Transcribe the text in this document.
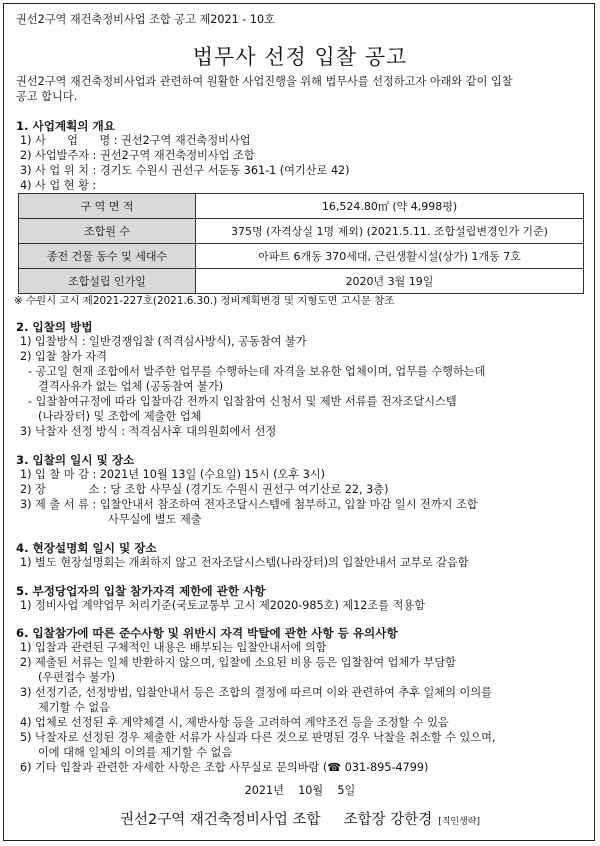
권선2구역 재건축정비사업 조합 공고 제2021 - 10호
법무사 선정 입찰 공고
권선2구역 재건축정비사업과 관련하여 원활한 사업진행을 위해 법무사를 선정하고자 아래와 같이 입찰
공고 합니다.
1. 사업계획의 개요
1) 사      업      명 : 권선2구역 재건축정비사업
2) 사업발주자 : 권선2구역 재건축정비사업 조합
3) 사 업 위 치 : 경기도 수원시 권선구 서둔동 361-1 (여기산로 42)
4) 사 업 현 황 :
구 역 면 적	16,524.80㎡ (약 4,998평)
조합원 수	375명 (자격상실 1명 제외) (2021.5.11. 조합설립변경인가 기준)
종전 건물 동수 및 세대수	아파트 6개동 370세대, 근린생활시설(상가) 1개동 7호
조합설립 인가일	2020년 3월 19일
※ 수원시 고시 제2021-227호(2021.6.30.) 정비계획변경 및 지형도면 고시문 참조
2. 입찰의 방법
1) 입찰방식 : 일반경쟁입찰 (적격심사방식), 공동참여 불가
2) 입찰 참가 자격
- 공고일 현재 조합에서 발주한 업무를 수행하는데 자격을 보유한 업체이며, 업무를 수행하는데
결격사유가 없는 업체 (공동참여 불가)
- 입찰참여규정에 따라 입찰마감 전까지 입찰참여 신청서 및 제반 서류를 전자조달시스템
(나라장터) 및 조합에 제출한 업체
3) 낙찰자 선정 방식 : 적격심사후 대의원회에서 선정
3. 입찰의 일시 및 장소
1) 입 찰 마 감 : 2021년 10월 13일 (수요일) 15시 (오후 3시)
2) 장            소 : 당 조합 사무실 (경기도 수원시 권선구 여기산로 22, 3층)
3) 제 출 서 류 : 입찰안내서 참조하여 전자조달시스템에 첨부하고, 입찰 마감 일시 전까지 조합
사무실에 별도 제출
4. 현장설명회 일시 및 장소
1) 별도 현장설명회는 개최하지 않고 전자조달시스템(나라장터)의 입찰안내서 교부로 갈음함
5. 부정당업자의 입찰 참가자격 제한에 관한 사항
1) 정비사업 계약업무 처리기준(국토교통부 고시 제2020-985호) 제12조를 적용함
6. 입찰참가에 따른 준수사항 및 위반시 자격 박탈에 관한 사항 등 유의사항
1) 입찰과 관련된 구체적인 내용은 배부되는 입찰안내서에 의함
2) 제출된 서류는 일체 반환하지 않으며, 입찰에 소요된 비용 등은 입찰참여 업체가 부담함
(우편접수 불가)
3) 선정기준, 선정방법, 입찰안내서 등은 조합의 결정에 따르며 이와 관련하여 추후 일체의 이의를
제기할 수 없음
4) 업체로 선정된 후 계약체결 시, 제반사항 등을 고려하여 계약조건 등을 조정할 수 있음
5) 낙찰자로 선정된 경우 제출한 서류가 사실과 다른 것으로 판명된 경우 낙찰을 취소할 수 있으며,
이에 대해 일체의 이의를 제기할 수 없음
6) 기타 입찰과 관련한 자세한 사항은 조합 사무실로 문의바람 (☎ 031-895-4799)
2021년    10월    5일
권선2구역 재건축정비사업 조합 조합장 강한경 [직인생략]
